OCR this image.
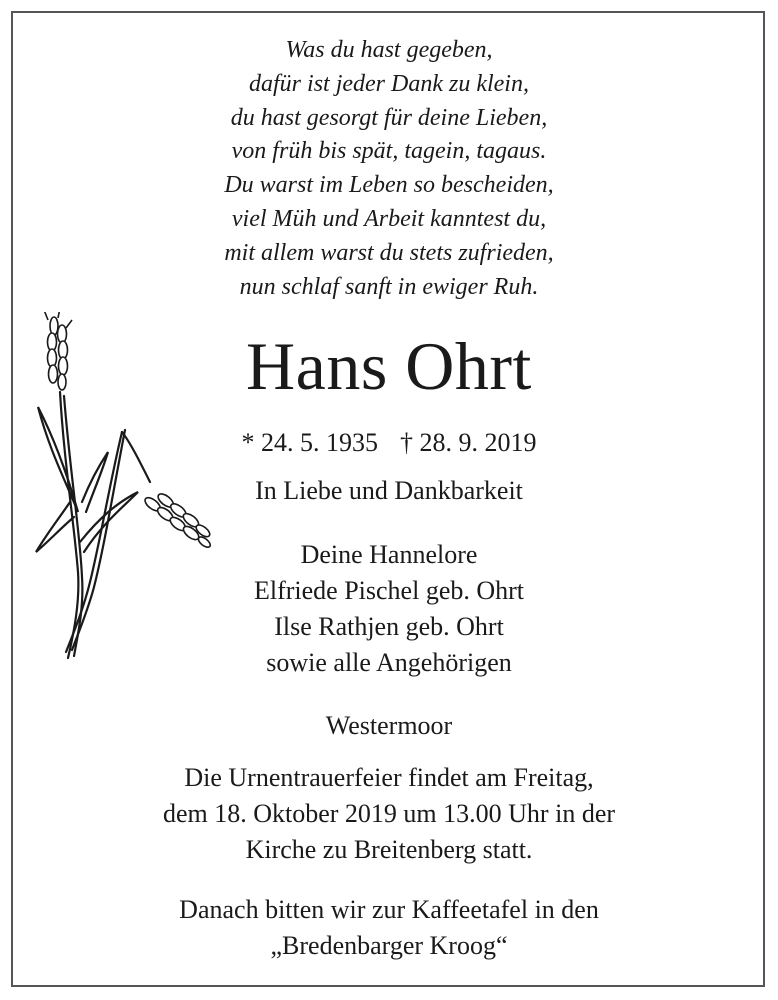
Was du hast gegeben,
dafür ist jeder Dank zu klein,
du hast gesorgt für deine Lieben,
von früh bis spät, tagein, tagaus.
Du warst im Leben so bescheiden,
viel Müh und Arbeit kanntest du,
mit allem warst du stets zufrieden,
nun schlaf sanft in ewiger Ruh.
Hans Ohrt
* 24. 5. 1935 † 28. 9. 2019
In Liebe und Dankbarkeit
Deine Hannelore
Elfriede Pischel geb. Ohrt
Ilse Rathjen geb. Ohrt
sowie alle Angehörigen
Westermoor
Die Urnentrauerfeier findet am Freitag,
dem 18. Oktober 2019 um 13.00 Uhr in der
Kirche zu Breitenberg statt.
Danach bitten wir zur Kaffeetafel in den
„Bredenbarger Kroog“
